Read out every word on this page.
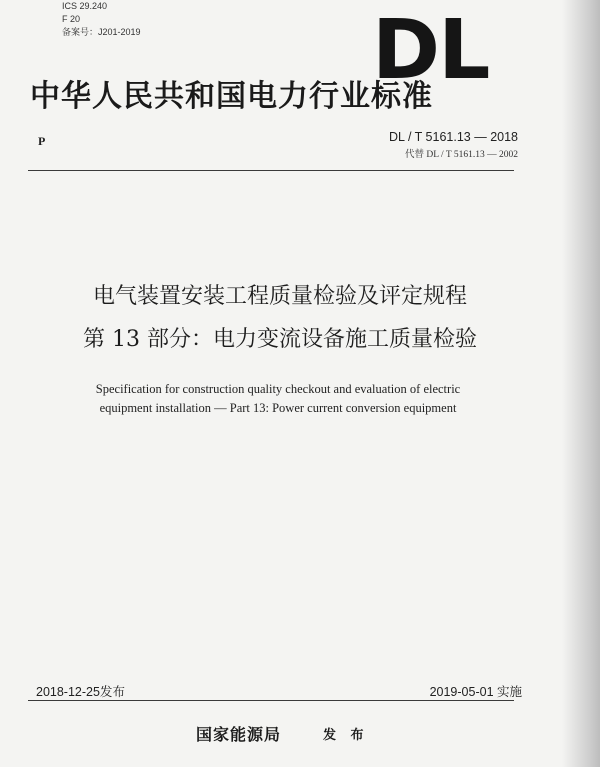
ICS 29.240
F 20
备案号：J201-2019	DL
中华人民共和国电力行业标准
P	DL / T 5161.13 — 2018
代替 DL / T 5161.13 — 2002
电气装置安装工程质量检验及评定规程
第 13 部分：电力变流设备施工质量检验
Specification for construction quality checkout and evaluation of electric
equipment installation — Part 13: Power current conversion equipment
2018-12-25发布	2019-05-01 实施
国家能源局	发 布
